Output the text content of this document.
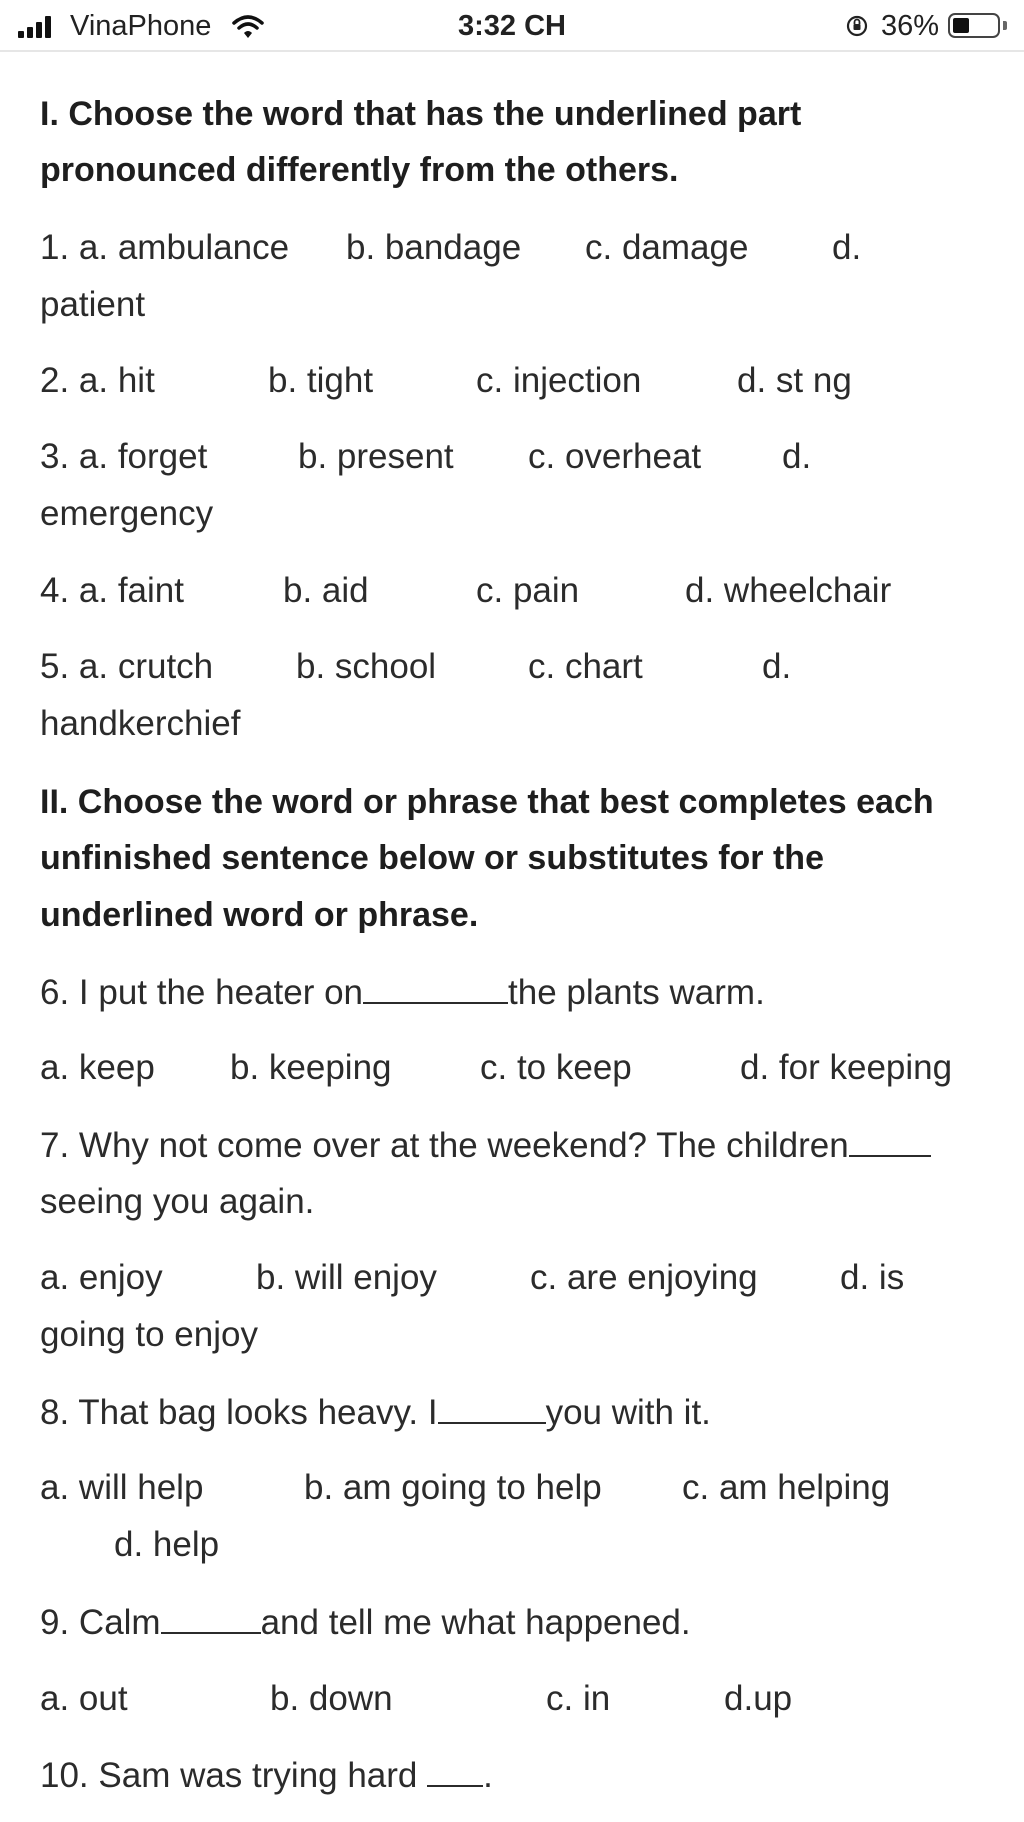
VinaPhone	3:32 CH	36%
I. Choose the word that has the underlined part
pronounced differently from the others.
1. a. ambulance b. bandage c. damage d.
patient
2. a. hit	b. tight	c. injection	d. st ng
3. a. forget	b. present c. overheat d.
emergency
4. a. faint	b. aid	c. pain	d. wheelchair
5. a. crutch b. school	c. chart	d.
handkerchief
II. Choose the word or phrase that best completes each
unfinished sentence below or substitutes for the
underlined word or phrase.
6. I put the heater on	the plants warm.
a. keep b. keeping	c. to keep	d. for keeping
7. Why not come over at the weekend? The children
seeing you again.
a. enjoy	b. will enjoy	c. are enjoying d. is
going to enjoy
8. That bag looks heavy. I	you with it.
a. will help	b. am going to help c. am helping
d. help
9. Calm	and tell me what happened.
a. out	b. down	c. in	d.up
10. Sam was trying hard .
